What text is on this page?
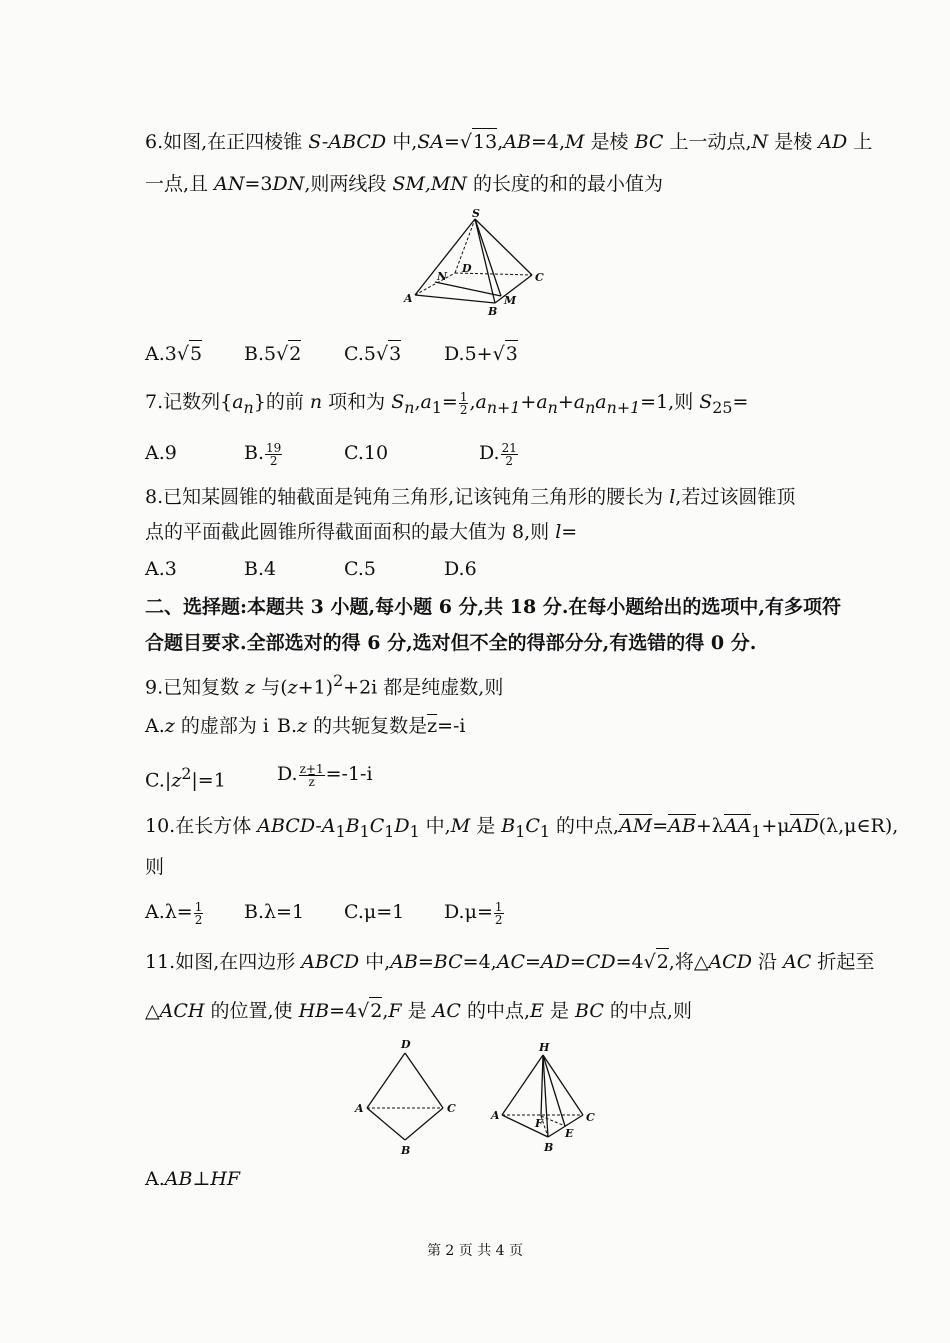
6.如图,在正四棱锥 S-ABCD 中,SA=√13,AB=4,M 是棱 BC 上一动点,N 是棱 AD 上
一点,且 AN=3DN,则两线段 SM,MN 的长度的和的最小值为
S
N
D
C
A	M
B
A.3√5 B.5√2 C.5√3 D.5+√3
7.记数列$\{a_n\}$的前 n 项和为 $S_n,a_1= \frac{1}{2} ,a_{n+1}+a_n+a_na_{n+1}=1$,则 $S_{25}=$
A.9	B. $\frac{19}{2}$	C.10	D. $\frac{21}{2}$
8.已知某圆锥的轴截面是钝角三角形,记该钝角三角形的腰长为 l,若过该圆锥顶
点的平面截此圆锥所得截面面积的最大值为 8,则 l=
A.3	B.4	C.5	D.6
二、选择题:本题共 3 小题,每小题 6 分,共 18 分.在每小题给出的选项中,有多项符
合题目要求.全部选对的得 6 分,选对但不全的得部分分,有选错的得 0 分.
9.已知复数 z 与$(z+1)^2+2i$ 都是纯虚数,则
A.z 的虚部为 i B.z 的共轭复数是$\overline{z}=-i$
$C.|z^2|=1$	D. $\frac{z+1}{z} =-1-i$
10.在长方体 ABCD-$A_1B_1C_1D_1$ 中,M 是 $B_1C_1$ 的中点,AM=AB+λAA$_1$+μAD(λ,μ∈R),
则
$A.\lambda= \frac{1}{2} B.\lambda=1$ C.μ=1 $D.\mu= \frac{1}{2}$
11.如图,在四边形 ABCD 中,AB=BC=4,AC=AD=CD=4√2,将△ACD 沿 AC 折起至
△ACH 的位置,使 HB=4√2,F 是 AC 的中点,E 是 BC 的中点,则
D
A	C
B
H
A	C
F
E
B
A.AB⊥HF
第 2 页 共 4 页
